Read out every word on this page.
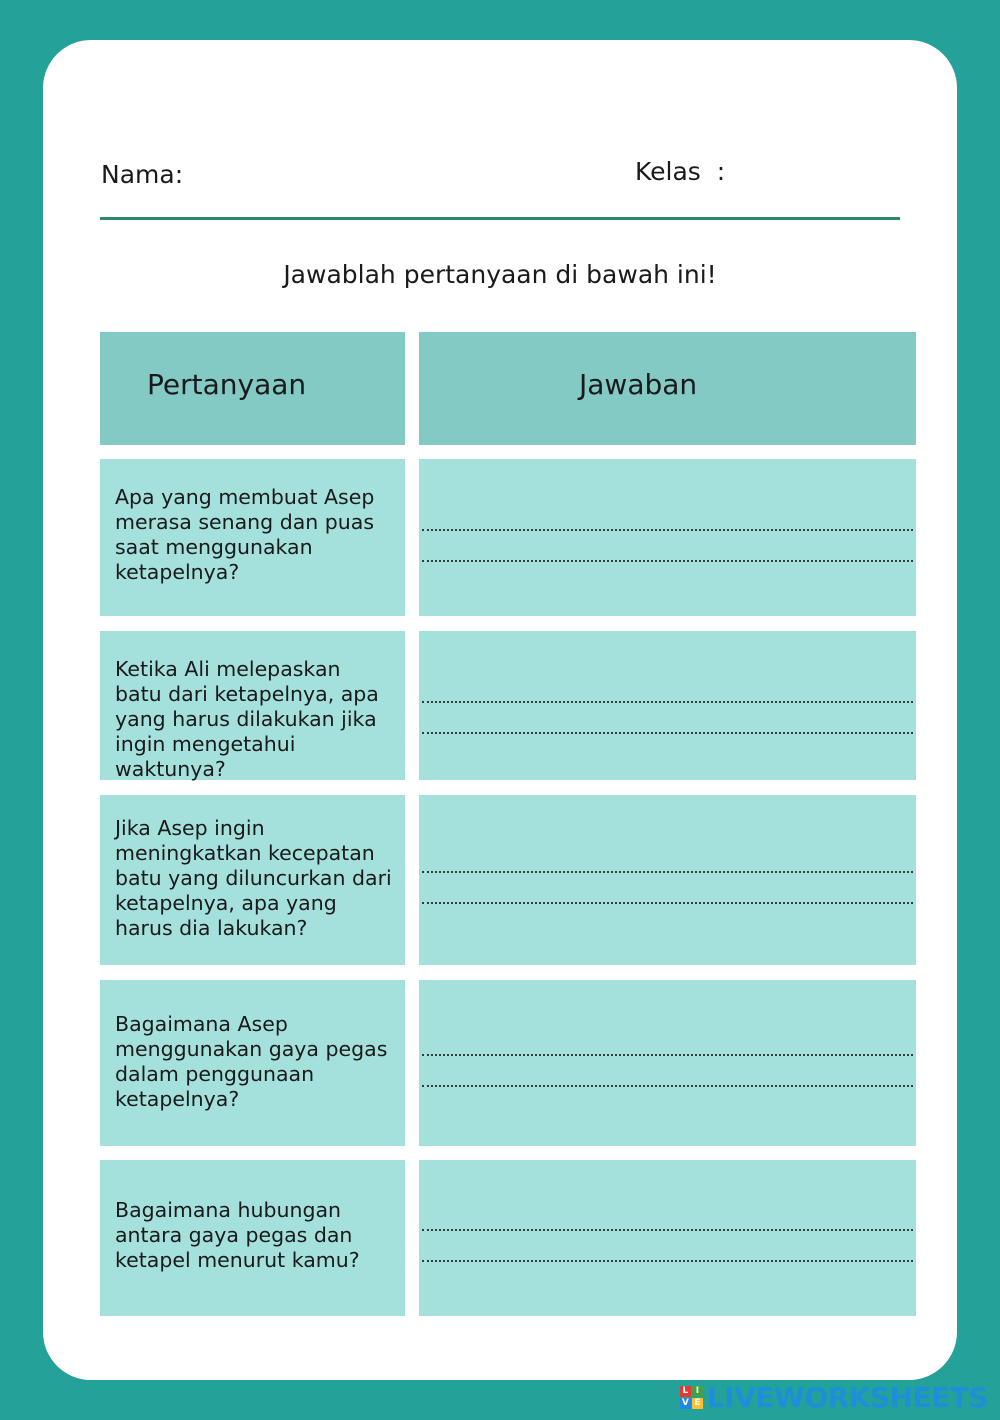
Nama:	Kelas  :
Jawablah pertanyaan di bawah ini!
Pertanyaan	Jawaban
Apa yang membuat Asep merasa senang dan puas saat menggunakan ketapelnya?
Ketika Ali melepaskan batu dari ketapelnya, apa yang harus dilakukan jika ingin mengetahui waktunya?
Jika Asep ingin meningkatkan kecepatan batu yang diluncurkan dari ketapelnya, apa yang harus dia lakukan?
Bagaimana Asep menggunakan gaya pegas dalam penggunaan ketapelnya?
Bagaimana hubungan antara gaya pegas dan ketapel menurut kamu?
L I
V E LIVEWORKSHEETS
